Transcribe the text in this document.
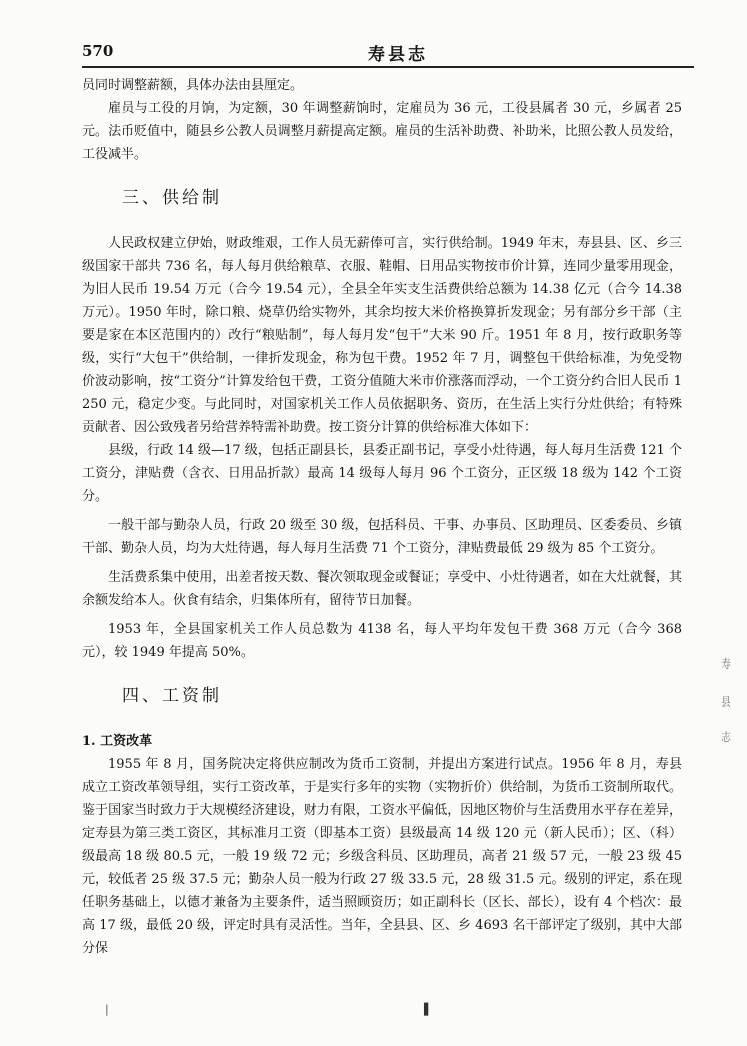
570	寿县志

员同时调整薪额，具体办法由县厘定。

雇员与工役的月饷，为定额，30 年调整薪饷时，定雇员为 36 元，工役县属者 30 元，乡属者 25 元。法币贬值中，随县乡公教人员调整月薪提高定额。雇员的生活补助费、补助米，比照公教人员发给，工役减半。

三、供给制

人民政权建立伊始，财政维艰，工作人员无薪俸可言，实行供给制。1949 年末，寿县县、区、乡三级国家干部共 736 名，每人每月供给粮草、衣服、鞋帽、日用品实物按市价计算，连同少量零用现金，为旧人民币 19.54 万元（合今 19.54 元），全县全年实支生活费供给总额为 14.38 亿元（合今 14.38 万元）。1950 年时，除口粮、烧草仍给实物外，其余均按大米价格换算折发现金；另有部分乡干部（主要是家在本区范围内的）改行“粮贴制”，每人每月发“包干”大米 90 斤。1951 年 8 月，按行政职务等级，实行“大包干”供给制，一律折发现金，称为包干费。1952 年 7 月，调整包干供给标准，为免受物价波动影响，按“工资分”计算发给包干费，工资分值随大米市价涨落而浮动，一个工资分约合旧人民币 1250 元，稳定少变。与此同时，对国家机关工作人员依据职务、资历，在生活上实行分灶供给；有特殊贡献者、因公致残者另给营养特需补助费。按工资分计算的供给标准大体如下：

县级，行政 14 级—17 级，包括正副县长，县委正副书记，享受小灶待遇，每人每月生活费 121 个工资分，津贴费（含衣、日用品折款）最高 14 级每人每月 96 个工资分，正区级 18 级为 142 个工资分。

一般干部与勤杂人员，行政 20 级至 30 级，包括科员、干事、办事员、区助理员、区委委员、乡镇干部、勤杂人员，均为大灶待遇，每人每月生活费 71 个工资分，津贴费最低 29 级为 85 个工资分。

生活费系集中使用，出差者按天数、餐次领取现金或餐证；享受中、小灶待遇者，如在大灶就餐，其余额发给本人。伙食有结余，归集体所有，留待节日加餐。

1953 年，全县国家机关工作人员总数为 4138 名，每人平均年发包干费 368 万元（合今 368 元），较 1949 年提高 50%。

四、工资制

1. 工资改革

1955 年 8 月，国务院决定将供应制改为货币工资制，并提出方案进行试点。1956 年 8 月，寿县成立工资改革领导组，实行工资改革，于是实行多年的实物（实物折价）供给制，为货币工资制所取代。鉴于国家当时致力于大规模经济建设，财力有限，工资水平偏低，因地区物价与生活费用水平存在差异，定寿县为第三类工资区，其标准月工资（即基本工资）县级最高 14 级 120 元（新人民币）；区、（科）级最高 18 级 80.5 元，一般 19 级 72 元；乡级含科员、区助理员，高者 21 级 57 元，一般 23 级 45 元，较低者 25 级 37.5 元；勤杂人员一般为行政 27 级 33.5 元，28 级 31.5 元。级别的评定，系在现任职务基础上，以德才兼备为主要条件，适当照顾资历；如正副科长（区长、部长），设有 4 个档次：最高 17 级，最低 20 级，评定时具有灵活性。当年，全县县、区、乡 4693 名干部评定了级别，其中大部分保

寿
县
志
|	▌
